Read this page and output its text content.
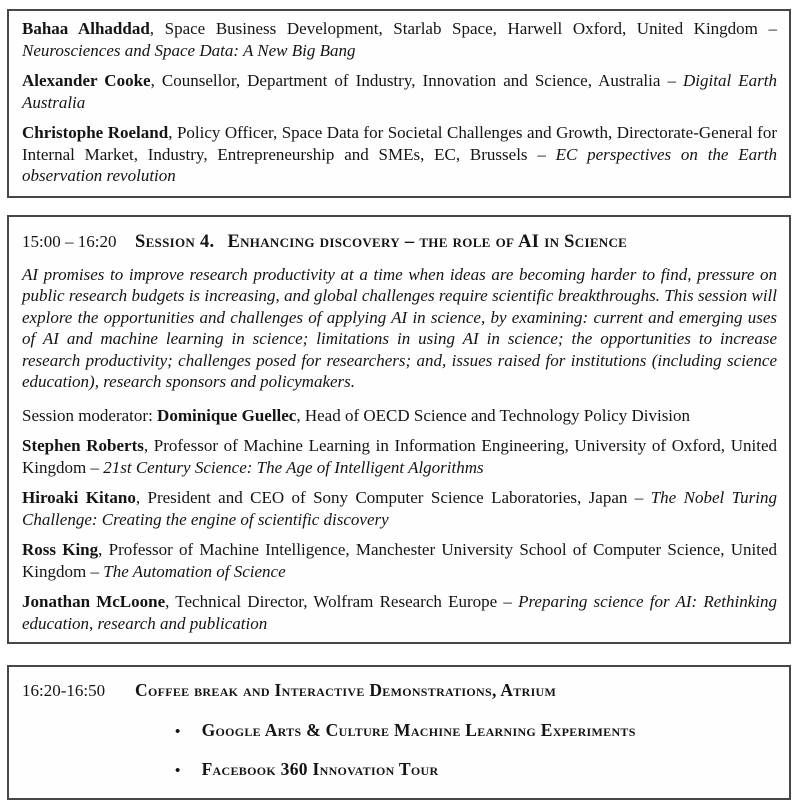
Bahaa Alhaddad, Space Business Development, Starlab Space, Harwell Oxford, United Kingdom – Neurosciences and Space Data: A New Big Bang

Alexander Cooke, Counsellor, Department of Industry, Innovation and Science, Australia – Digital Earth Australia

Christophe Roeland, Policy Officer, Space Data for Societal Challenges and Growth, Directorate-General for Internal Market, Industry, Entrepreneurship and SMEs, EC, Brussels – EC perspectives on the Earth observation revolution

15:00 – 16:20	Session 4. Enhancing discovery – the role of AI in Science

AI promises to improve research productivity at a time when ideas are becoming harder to find, pressure on public research budgets is increasing, and global challenges require scientific breakthroughs. This session will explore the opportunities and challenges of applying AI in science, by examining: current and emerging uses of AI and machine learning in science; limitations in using AI in science; the opportunities to increase research productivity; challenges posed for researchers; and, issues raised for institutions (including science education), research sponsors and policymakers.

Session moderator: Dominique Guellec, Head of OECD Science and Technology Policy Division

Stephen Roberts, Professor of Machine Learning in Information Engineering, University of Oxford, United Kingdom – 21st Century Science: The Age of Intelligent Algorithms

Hiroaki Kitano, President and CEO of Sony Computer Science Laboratories, Japan – The Nobel Turing Challenge: Creating the engine of scientific discovery

Ross King, Professor of Machine Intelligence, Manchester University School of Computer Science, United Kingdom – The Automation of Science

Jonathan McLoone, Technical Director, Wolfram Research Europe – Preparing science for AI: Rethinking education, research and publication

16:20-16:50	Coffee break and Interactive Demonstrations, Atrium
• Google Arts & Culture Machine Learning Experiments
• Facebook 360 Innovation Tour
